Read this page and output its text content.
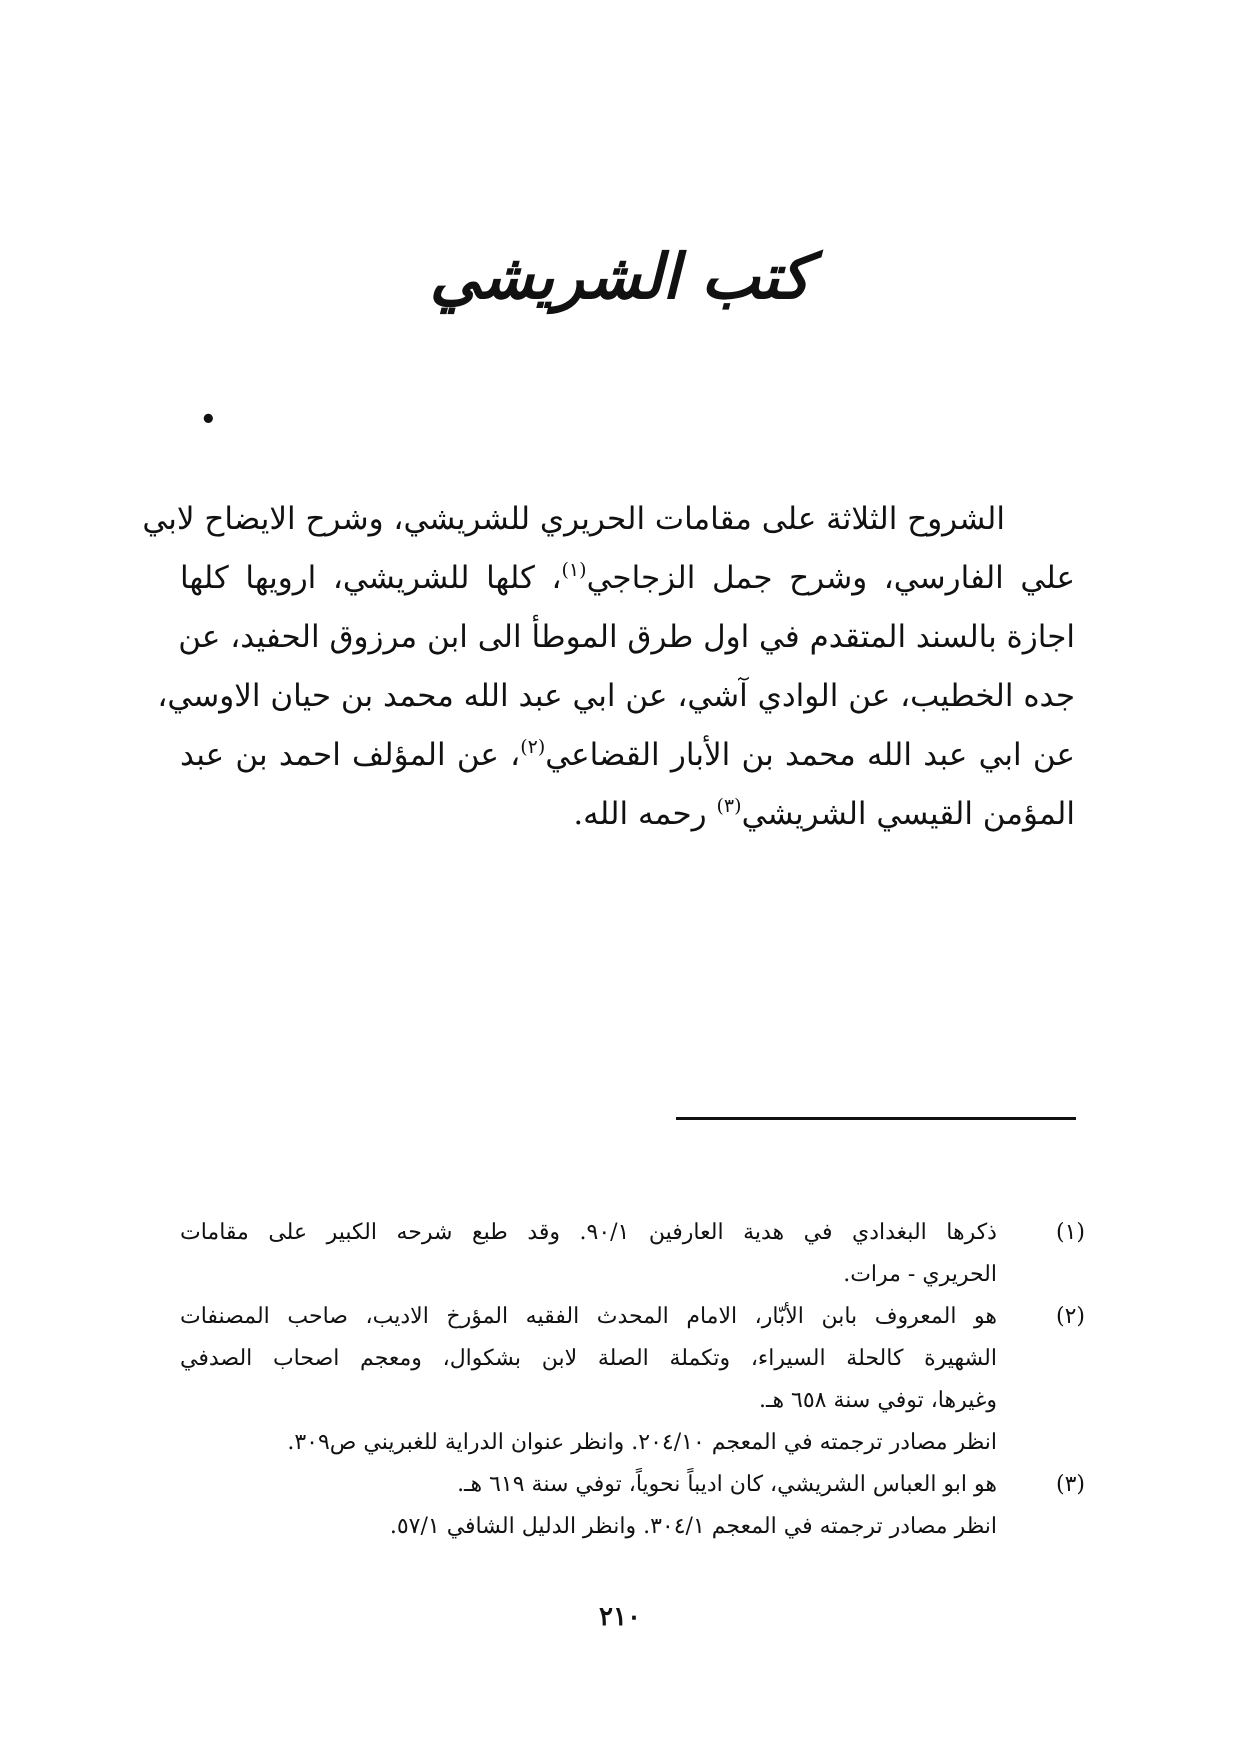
كتب الشريشي
•
الشروح الثلاثة على مقامات الحريري للشريشي، وشرح الايضاح لابي
علي الفارسي، وشرح جمل الزجاجي$^{(١)}$، كلها للشريشي، ارويها كلها
اجازة بالسند المتقدم في اول طرق الموطأ الى ابن مرزوق الحفيد، عن
جده الخطيب، عن الوادي آشي، عن ابي عبد الله محمد بن حيان الاوسي،
عن ابي عبد الله محمد بن الأبار القضاعي$^{(٢)}$، عن المؤلف احمد بن عبد
المؤمن القيسي الشريشي$^{(٣)}$ رحمه الله.
(١)
ذكرها البغدادي في هدية العارفين ٩٠/١. وقد طبع شرحه الكبير على مقامات
الحريري - مرات.
(٢)
هو المعروف بابن الأبّار، الامام المحدث الفقيه المؤرخ الاديب، صاحب المصنفات
الشهيرة كالحلة السيراء، وتكملة الصلة لابن بشكوال، ومعجم اصحاب الصدفي
وغيرها، توفي سنة ٦٥٨ هـ.
انظر مصادر ترجمته في المعجم ٢٠٤/١٠. وانظر عنوان الدراية للغبريني ص٣٠٩.
(٣)
هو ابو العباس الشريشي، كان اديباً نحوياً، توفي سنة ٦١٩ هـ.
انظر مصادر ترجمته في المعجم ٣٠٤/١. وانظر الدليل الشافي ٥٧/١.
٢١٠
